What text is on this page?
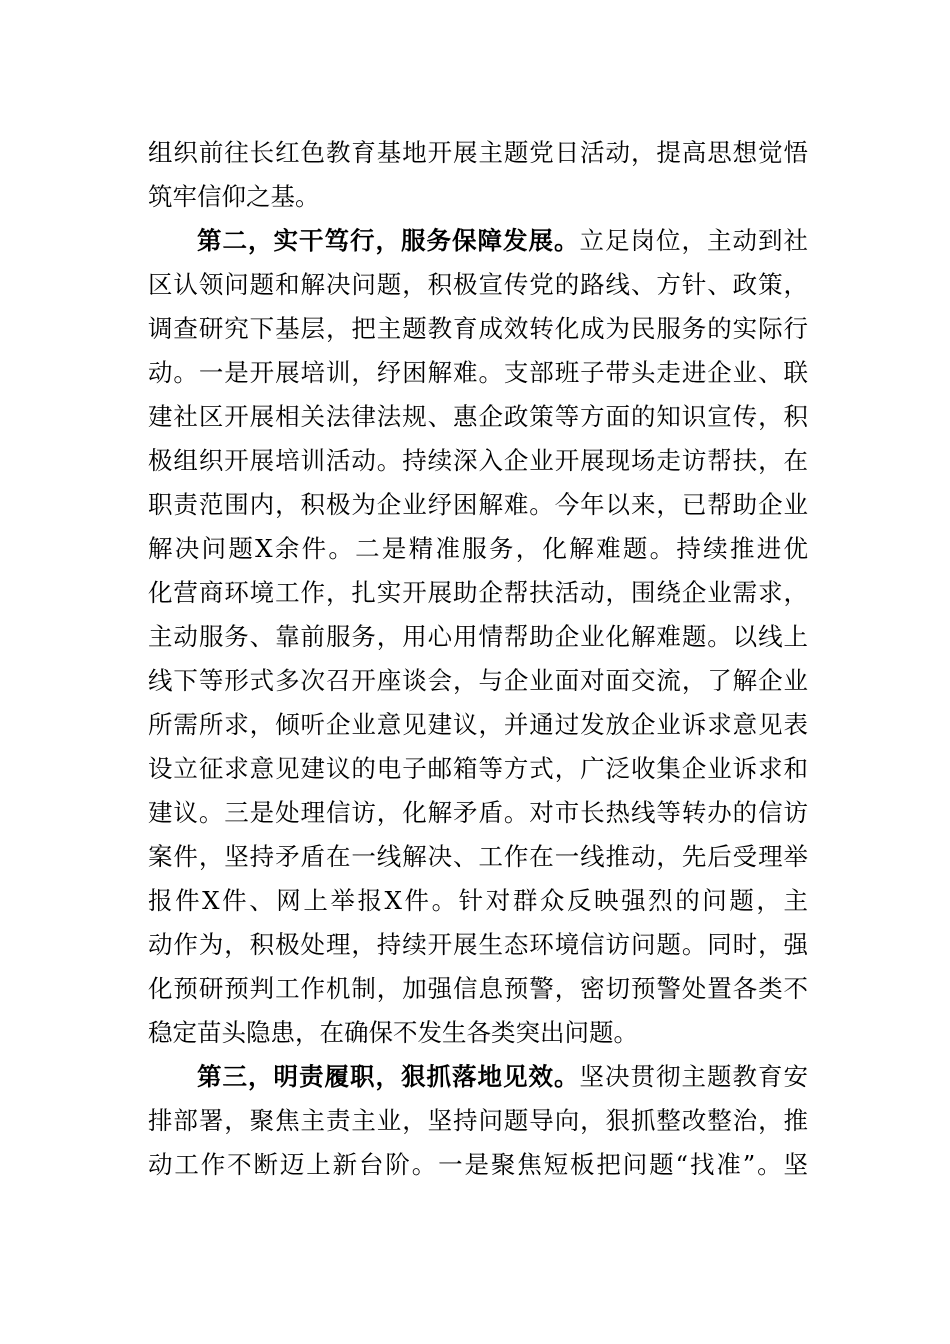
组织前往长红色教育基地开展主题党日活动，提高思想觉悟
筑牢信仰之基。
第二，实干笃行，服务保障发展。立足岗位，主动到社
区认领问题和解决问题，积极宣传党的路线、方针、政策，
调查研究下基层，把主题教育成效转化成为民服务的实际行
动。一是开展培训，纾困解难。支部班子带头走进企业、联
建社区开展相关法律法规、惠企政策等方面的知识宣传，积
极组织开展培训活动。持续深入企业开展现场走访帮扶，在
职责范围内，积极为企业纾困解难。今年以来，已帮助企业
解决问题X余件。二是精准服务，化解难题。持续推进优
化营商环境工作，扎实开展助企帮扶活动，围绕企业需求，
主动服务、靠前服务，用心用情帮助企业化解难题。以线上
线下等形式多次召开座谈会，与企业面对面交流，了解企业
所需所求，倾听企业意见建议，并通过发放企业诉求意见表
设立征求意见建议的电子邮箱等方式，广泛收集企业诉求和
建议。三是处理信访，化解矛盾。对市长热线等转办的信访
案件，坚持矛盾在一线解决、工作在一线推动，先后受理举
报件X件、网上举报X件。针对群众反映强烈的问题，主
动作为，积极处理，持续开展生态环境信访问题。同时，强
化预研预判工作机制，加强信息预警，密切预警处置各类不
稳定苗头隐患，在确保不发生各类突出问题。
第三，明责履职，狠抓落地见效。坚决贯彻主题教育安
排部署，聚焦主责主业，坚持问题导向，狠抓整改整治，推
动工作不断迈上新台阶。一是聚焦短板把问题“找准”。坚
